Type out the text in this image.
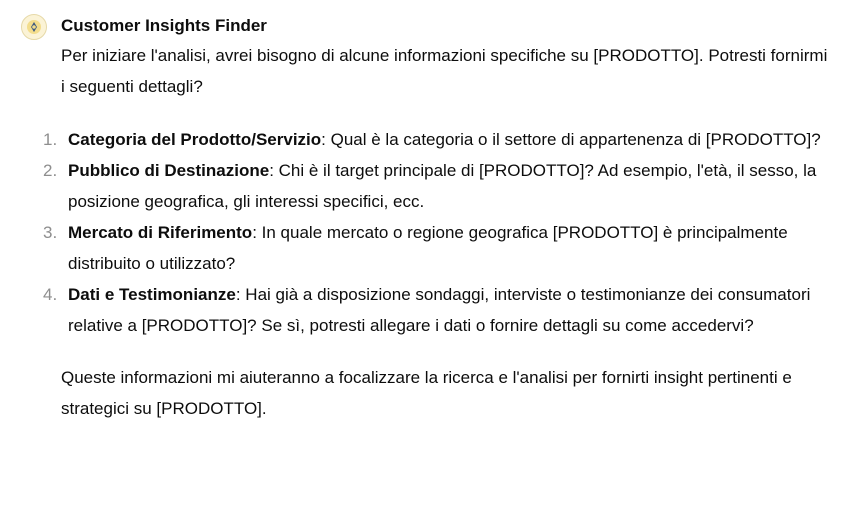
Customer Insights Finder

Per iniziare l'analisi, avrei bisogno di alcune informazioni specifiche su [PRODOTTO]. Potresti fornirmi i seguenti dettagli?

1. Categoria del Prodotto/Servizio: Qual è la categoria o il settore di appartenenza di [PRODOTTO]?
2. Pubblico di Destinazione: Chi è il target principale di [PRODOTTO]? Ad esempio, l'età, il sesso, la posizione geografica, gli interessi specifici, ecc.
3. Mercato di Riferimento: In quale mercato o regione geografica [PRODOTTO] è principalmente distribuito o utilizzato?
4. Dati e Testimonianze: Hai già a disposizione sondaggi, interviste o testimonianze dei consumatori relative a [PRODOTTO]? Se sì, potresti allegare i dati o fornire dettagli su come accedervi?

Queste informazioni mi aiuteranno a focalizzare la ricerca e l'analisi per fornirti insight pertinenti e strategici su [PRODOTTO].
